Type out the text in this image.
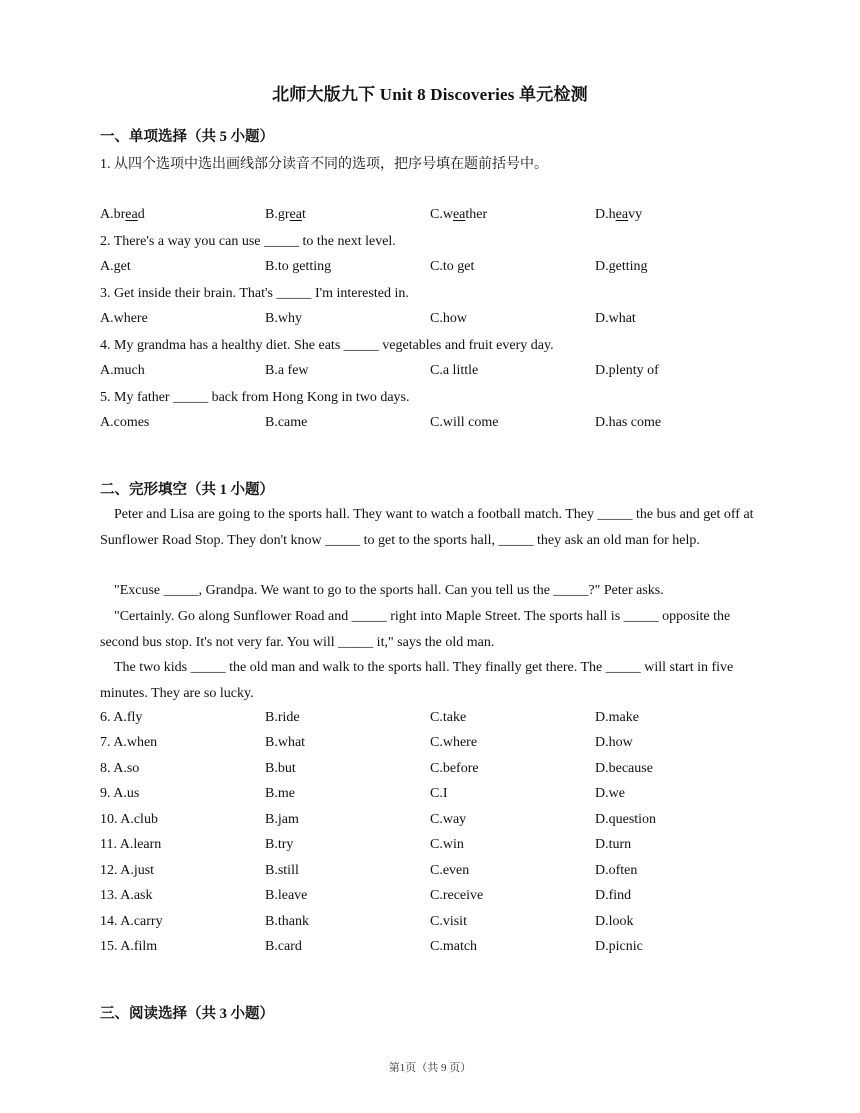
北师大版九下 Unit 8 Discoveries 单元检测
一、单项选择（共 5 小题）
1. 从四个选项中选出画线部分读音不同的选项，把序号填在题前括号中。
A.bread	B.great	C.weather	D.heavy
2. There's a way you can use _____ to the next level.
A.get	B.to getting	C.to get	D.getting
3. Get inside their brain. That's _____ I'm interested in.
A.where	B.why	C.how	D.what
4. My grandma has a healthy diet. She eats _____ vegetables and fruit every day.
A.much	B.a few	C.a little	D.plenty of
5. My father _____ back from Hong Kong in two days.
A.comes	B.came	C.will come	D.has come
二、完形填空（共 1 小题）
Peter and Lisa are going to the sports hall. They want to watch a football match. They _____ the bus and get off at Sunflower Road Stop. They don't know _____ to get to the sports hall, _____ they ask an old man for help.
"Excuse _____, Grandpa. We want to go to the sports hall. Can you tell us the _____?" Peter asks.
"Certainly. Go along Sunflower Road and _____ right into Maple Street. The sports hall is _____ opposite the second bus stop. It's not very far. You will _____ it," says the old man.
The two kids _____ the old man and walk to the sports hall. They finally get there. The _____ will start in five minutes. They are so lucky.
6. A.fly	B.ride	C.take	D.make
7. A.when	B.what	C.where	D.how
8. A.so	B.but	C.before	D.because
9. A.us	B.me	C.I	D.we
10. A.club	B.jam	C.way	D.question
11. A.learn	B.try	C.win	D.turn
12. A.just	B.still	C.even	D.often
13. A.ask	B.leave	C.receive	D.find
14. A.carry	B.thank	C.visit	D.look
15. A.film	B.card	C.match	D.picnic
三、阅读选择（共 3 小题）
第1页（共 9 页）
